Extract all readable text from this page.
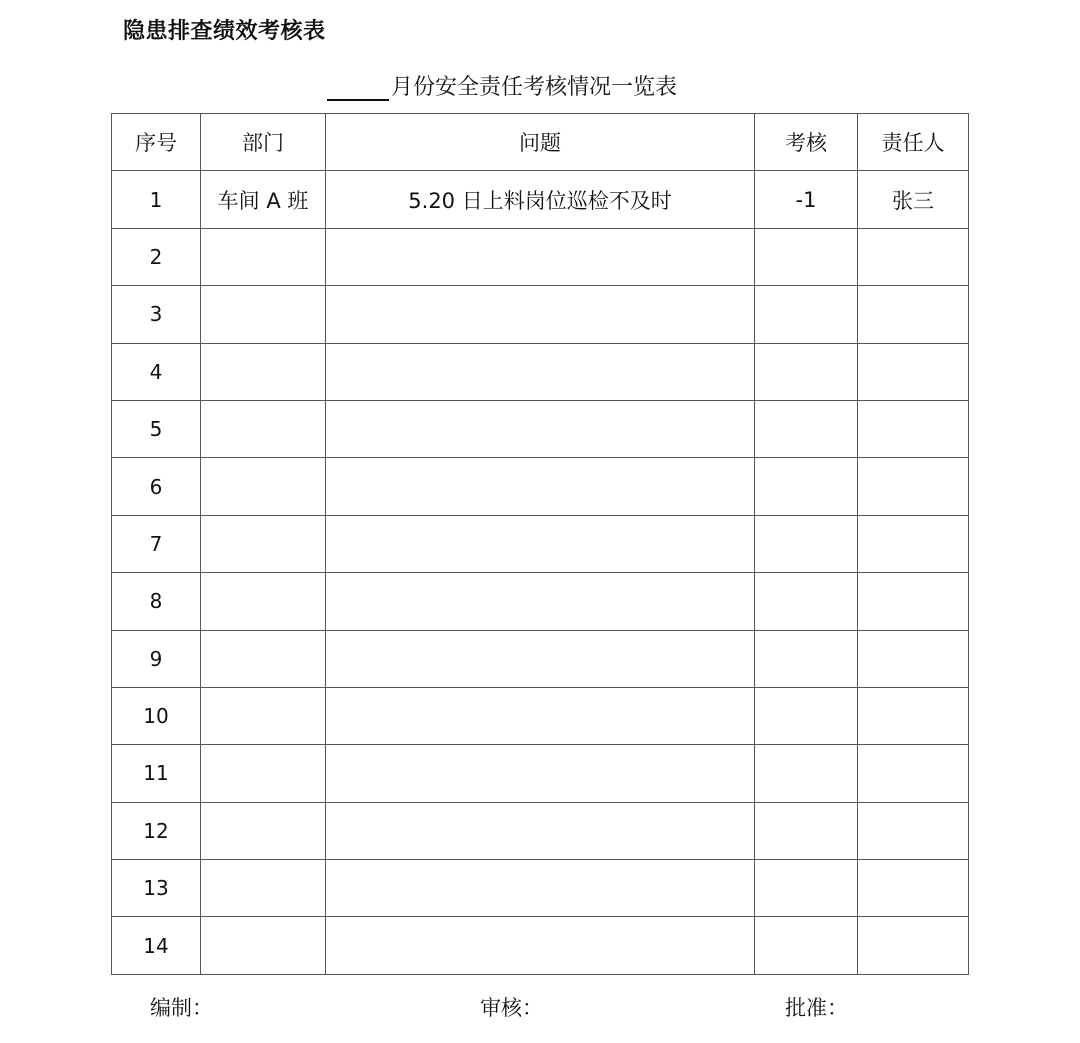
隐患排查绩效考核表
月份安全责任考核情况一览表
序号	部门	问题	考核	责任人
1	车间 A 班	5.20 日上料岗位巡检不及时	-1	张三
2				
3				
4				
5				
6				
7				
8				
9				
10				
11				
12				
13				
14				
编制：	审核：	批准：
